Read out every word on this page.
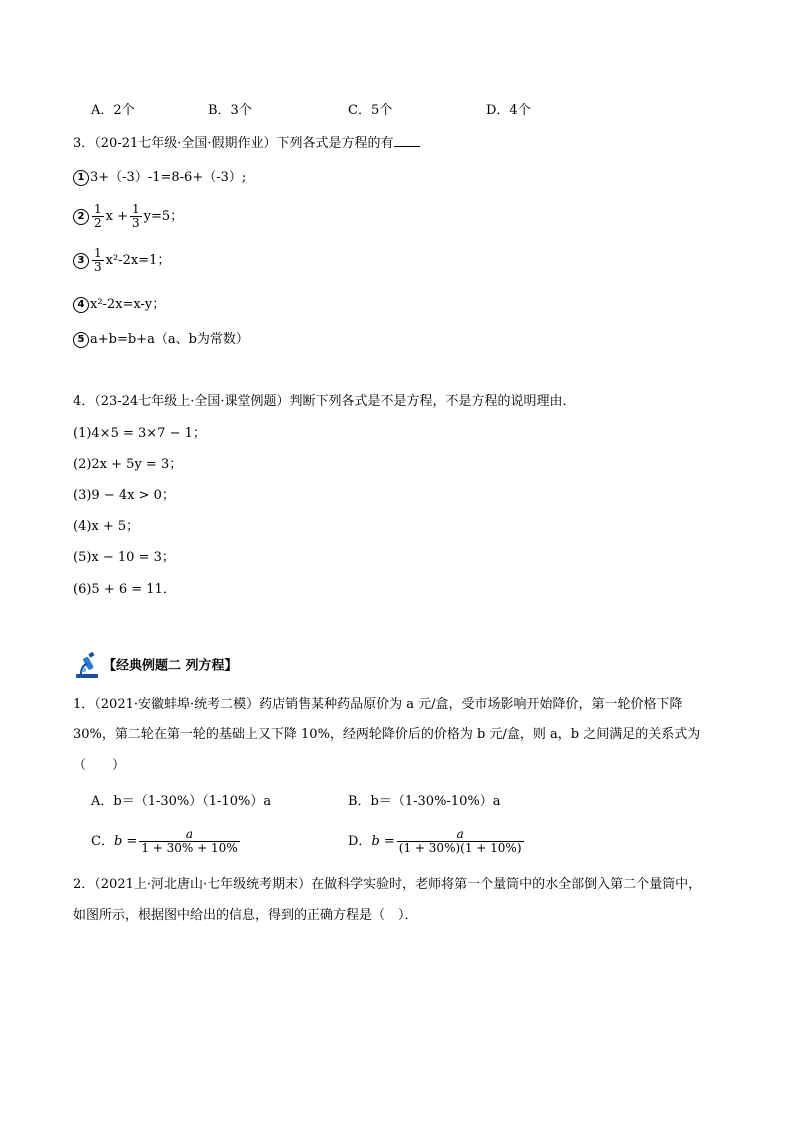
A．2个	B．3个	C．5个	D．4个
3．（20-21七年级·全国·假期作业）下列各式是方程的有
1 3+（-3）-1=8-6+（-3）;
$2 \frac{1}{2}$ $x + \frac{1}{3} y=5$；
$3 \frac{1}{3} x^2-2x=1$；
4 x²-2x=x-y；
5 a+b=b+a（a、b为常数）
4．（23-24七年级上·全国·课堂例题）判断下列各式是不是方程，不是方程的说明理由．
(1)4×5 = 3×7 − 1；
(2)2x + 5y = 3；
(3)9 − 4x > 0；
(4)x + 5；
(5)x − 10 = 3；
(6)5 + 6 = 11．
【经典例题二 列方程】
1．（2021·安徽蚌埠·统考二模）药店销售某种药品原价为 a 元/盒，受市场影响开始降价，第一轮价格下降
30%，第二轮在第一轮的基础上又下降 10%，经两轮降价后的价格为 b 元/盒，则 a，b 之间满足的关系式为
（　　）
A．b＝（1-30%）（1-10%）a	B．b＝（1-30%-10%）a
C．$b = \frac{a}{1 + 30\% + 10\%}$	D．$b = \frac{a}{(1 + 30\%)(1 + 10\%)}$
2．（2021上·河北唐山·七年级统考期末）在做科学实验时，老师将第一个量筒中的水全部倒入第二个量筒中，
如图所示，根据图中给出的信息，得到的正确方程是（　）．
